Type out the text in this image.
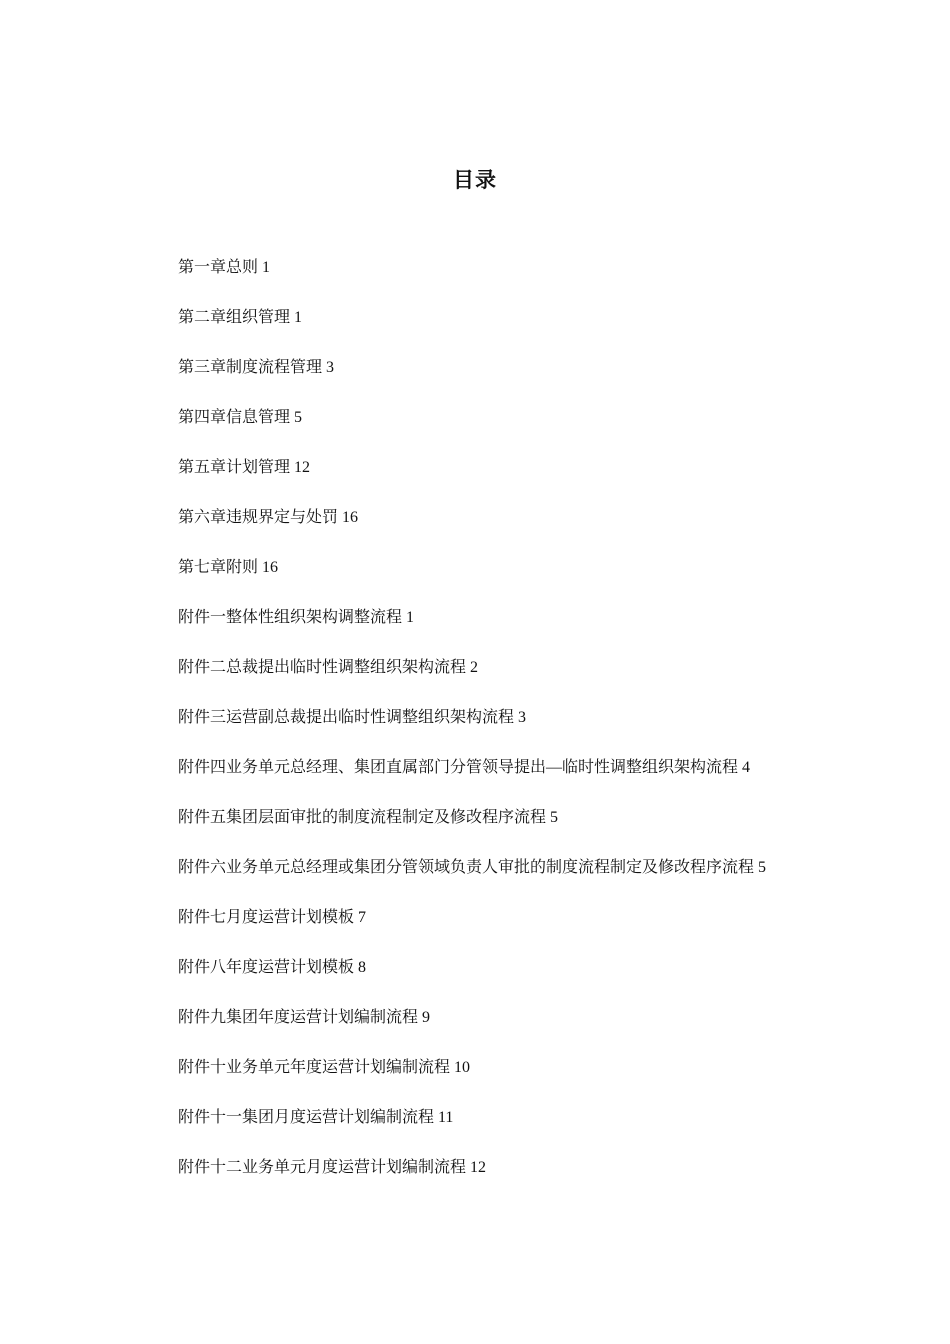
目录
第一章总则 1
第二章组织管理 1
第三章制度流程管理 3
第四章信息管理 5
第五章计划管理 12
第六章违规界定与处罚 16
第七章附则 16
附件一整体性组织架构调整流程 1
附件二总裁提出临时性调整组织架构流程 2
附件三运营副总裁提出临时性调整组织架构流程 3
附件四业务单元总经理、集团直属部门分管领导提出—临时性调整组织架构流程 4
附件五集团层面审批的制度流程制定及修改程序流程 5
附件六业务单元总经理或集团分管领域负责人审批的制度流程制定及修改程序流程 5
附件七月度运营计划模板 7
附件八年度运营计划模板 8
附件九集团年度运营计划编制流程 9
附件十业务单元年度运营计划编制流程 10
附件十一集团月度运营计划编制流程 11
附件十二业务单元月度运营计划编制流程 12
